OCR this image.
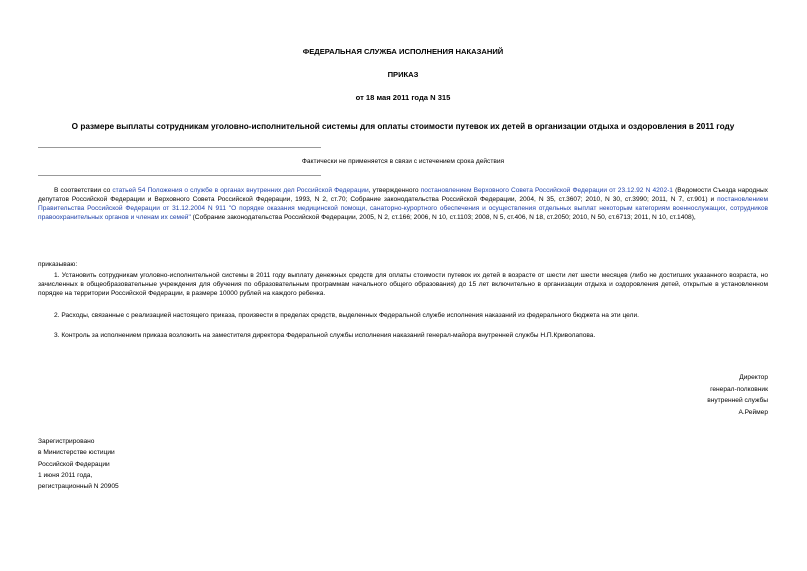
ФЕДЕРАЛЬНАЯ СЛУЖБА ИСПОЛНЕНИЯ НАКАЗАНИЙ
ПРИКАЗ
от 18 мая 2011 года N 315
О размере выплаты сотрудникам уголовно-исполнительной системы для оплаты стоимости путевок их детей в организации отдыха и оздоровления в 2011 году
Фактически не применяется в связи с истечением срока действия
В соответствии со статьей 54 Положения о службе в органах внутренних дел Российской Федерации, утвержденного постановлением Верховного Совета Российской Федерации от 23.12.92 N 4202-1 (Ведомости Съезда народных депутатов Российской Федерации и Верховного Совета Российской Федерации, 1993, N 2, ст.70; Собрание законодательства Российской Федерации, 2004, N 35, ст.3607; 2010, N 30, ст.3990; 2011, N 7, ст.901) и постановлением Правительства Российской Федерации от 31.12.2004 N 911 "О порядке оказания медицинской помощи, санаторно-курортного обеспечения и осуществления отдельных выплат некоторым категориям военнослужащих, сотрудников правоохранительных органов и членам их семей" (Собрание законодательства Российской Федерации, 2005, N 2, ст.166; 2006, N 10, ст.1103; 2008, N 5, ст.406, N 18, ст.2050; 2010, N 50, ст.6713; 2011, N 10, ст.1408),
приказываю:
1. Установить сотрудникам уголовно-исполнительной системы в 2011 году выплату денежных средств для оплаты стоимости путевок их детей в возрасте от шести лет шести месяцев (либо не достигших указанного возраста, но зачисленных в общеобразовательные учреждения для обучения по образовательным программам начального общего образования) до 15 лет включительно в организации отдыха и оздоровления детей, открытые в установленном порядке на территории Российской Федерации, в размере 10000 рублей на каждого ребенка.
2. Расходы, связанные с реализацией настоящего приказа, произвести в пределах средств, выделенных Федеральной службе исполнения наказаний из федерального бюджета на эти цели.
3. Контроль за исполнением приказа возложить на заместителя директора Федеральной службы исполнения наказаний генерал-майора внутренней службы Н.П.Криволапова.
Директор
генерал-полковник
внутренней службы
А.Реймер
Зарегистрировано
в Министерстве юстиции
Российской Федерации
1 июня 2011 года,
регистрационный N 20905
